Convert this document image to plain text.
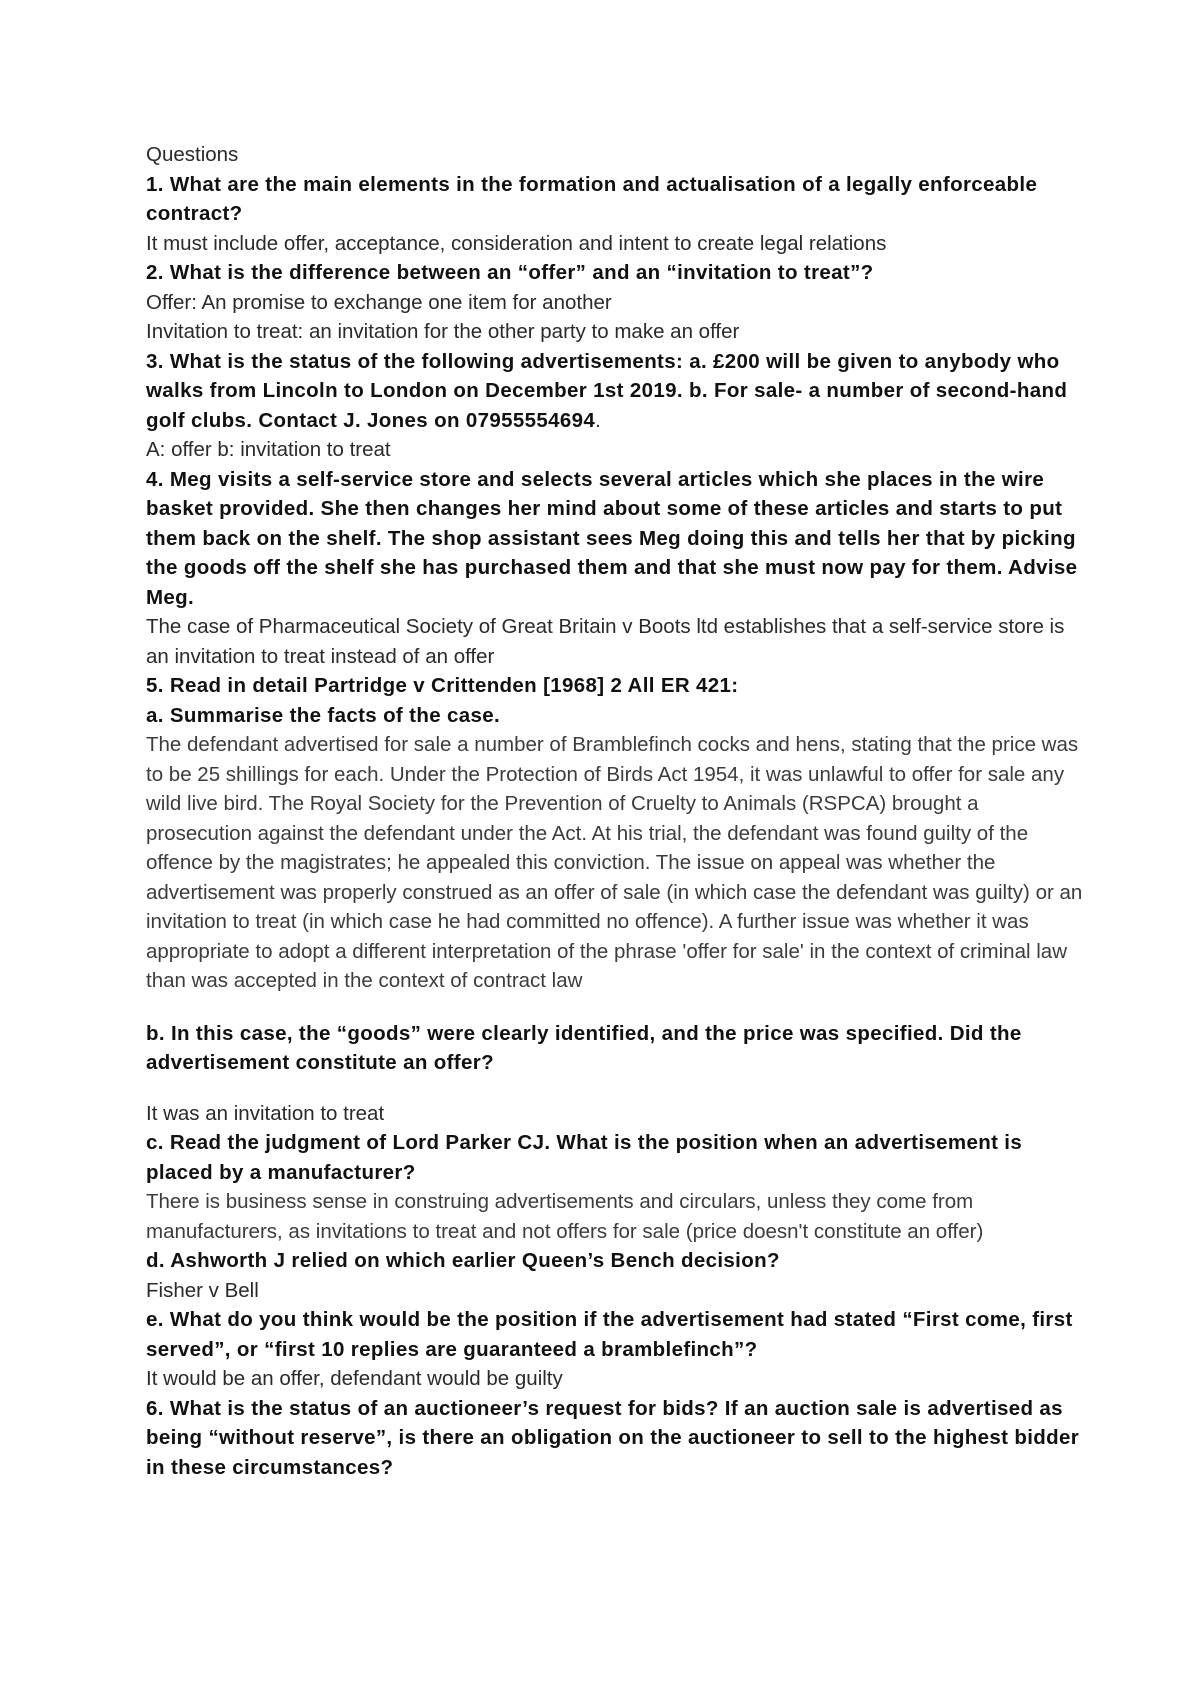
Questions
1. What are the main elements in the formation and actualisation of a legally enforceable contract?
It must include offer, acceptance, consideration and intent to create legal relations
2. What is the difference between an “offer” and an “invitation to treat”?
Offer: An promise to exchange one item for another
Invitation to treat: an invitation for the other party to make an offer
3. What is the status of the following advertisements: a. £200 will be given to anybody who walks from Lincoln to London on December 1st 2019. b. For sale- a number of second-hand golf clubs. Contact J. Jones on 07955554694.
A: offer b: invitation to treat
4. Meg visits a self-service store and selects several articles which she places in the wire basket provided. She then changes her mind about some of these articles and starts to put them back on the shelf. The shop assistant sees Meg doing this and tells her that by picking the goods off the shelf she has purchased them and that she must now pay for them. Advise Meg.
The case of Pharmaceutical Society of Great Britain v Boots ltd establishes that a self-service store is an invitation to treat instead of an offer
5. Read in detail Partridge v Crittenden [1968] 2 All ER 421:
a. Summarise the facts of the case.
The defendant advertised for sale a number of Bramblefinch cocks and hens, stating that the price was to be 25 shillings for each. Under the Protection of Birds Act 1954, it was unlawful to offer for sale any wild live bird. The Royal Society for the Prevention of Cruelty to Animals (RSPCA) brought a prosecution against the defendant under the Act. At his trial, the defendant was found guilty of the offence by the magistrates; he appealed this conviction. The issue on appeal was whether the advertisement was properly construed as an offer of sale (in which case the defendant was guilty) or an invitation to treat (in which case he had committed no offence). A further issue was whether it was appropriate to adopt a different interpretation of the phrase 'offer for sale' in the context of criminal law than was accepted in the context of contract law
b. In this case, the “goods” were clearly identified, and the price was specified. Did the advertisement constitute an offer?
It was an invitation to treat
c. Read the judgment of Lord Parker CJ. What is the position when an advertisement is placed by a manufacturer?
There is business sense in construing advertisements and circulars, unless they come from manufacturers, as invitations to treat and not offers for sale (price doesn't constitute an offer)
d. Ashworth J relied on which earlier Queen’s Bench decision?
Fisher v Bell
e. What do you think would be the position if the advertisement had stated “First come, first served”, or “first 10 replies are guaranteed a bramblefinch”?
It would be an offer, defendant would be guilty
6. What is the status of an auctioneer’s request for bids? If an auction sale is advertised as being “without reserve”, is there an obligation on the auctioneer to sell to the highest bidder in these circumstances?
